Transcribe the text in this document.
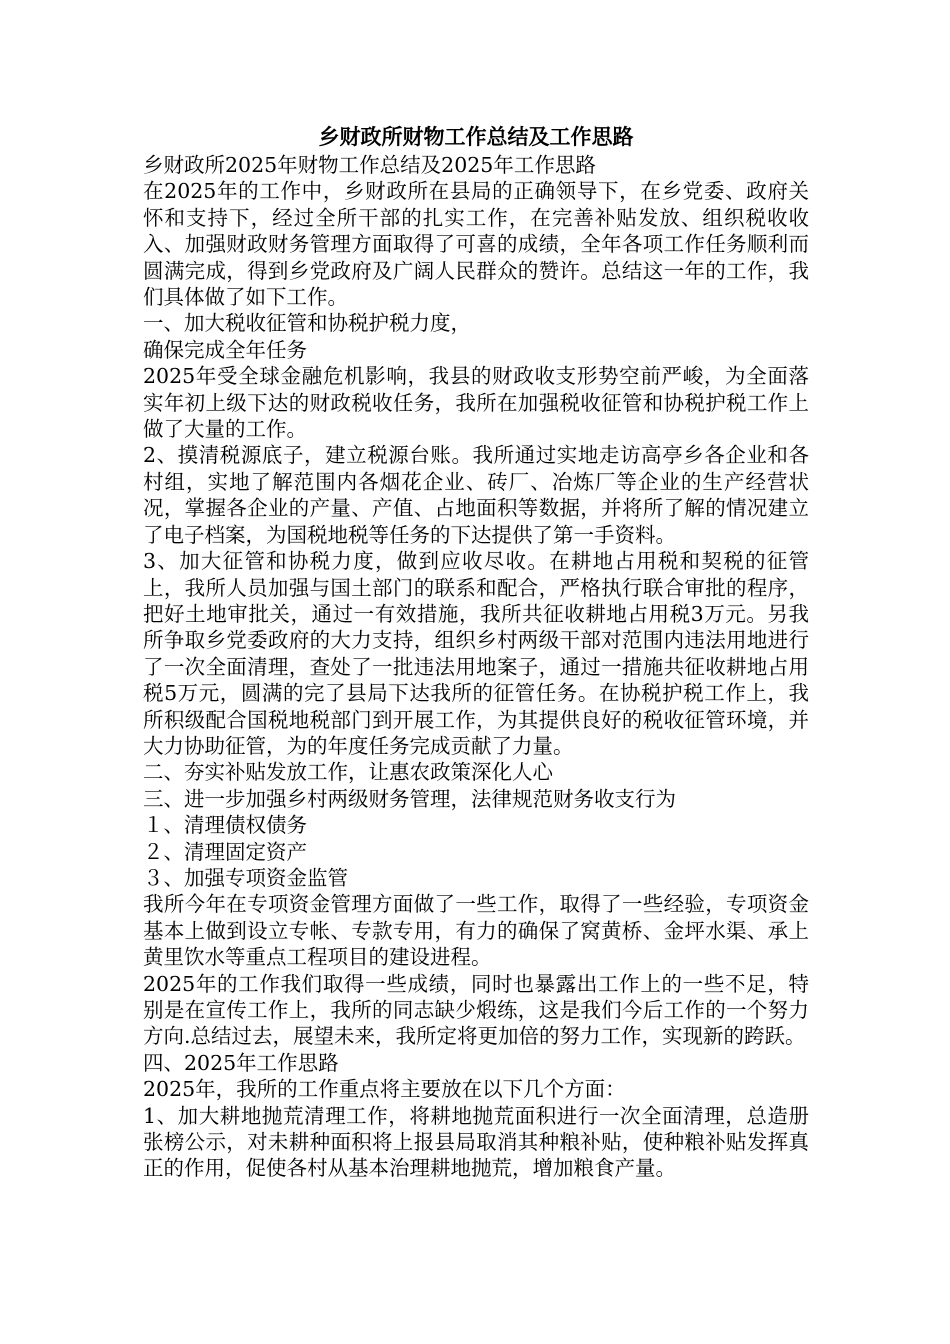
乡财政所财物工作总结及工作思路

乡财政所2025年财物工作总结及2025年工作思路

在2025年的工作中，乡财政所在县局的正确领导下，在乡党委、政府关怀和支持下，经过全所干部的扎实工作，在完善补贴发放、组织税收收入、加强财政财务管理方面取得了可喜的成绩，全年各项工作任务顺利而圆满完成，得到乡党政府及广阔人民群众的赞许。总结这一年的工作，我们具体做了如下工作。

一、加大税收征管和协税护税力度，

确保完成全年任务

2025年受全球金融危机影响，我县的财政收支形势空前严峻，为全面落实年初上级下达的财政税收任务，我所在加强税收征管和协税护税工作上做了大量的工作。

2、摸清税源底子，建立税源台账。我所通过实地走访高亭乡各企业和各村组，实地了解范围内各烟花企业、砖厂、冶炼厂等企业的生产经营状况，掌握各企业的产量、产值、占地面积等数据，并将所了解的情况建立了电子档案，为国税地税等任务的下达提供了第一手资料。

3、加大征管和协税力度，做到应收尽收。在耕地占用税和契税的征管上，我所人员加强与国土部门的联系和配合，严格执行联合审批的程序，把好土地审批关，通过一有效措施，我所共征收耕地占用税3万元。另我所争取乡党委政府的大力支持，组织乡村两级干部对范围内违法用地进行了一次全面清理，查处了一批违法用地案子，通过一措施共征收耕地占用税5万元，圆满的完了县局下达我所的征管任务。在协税护税工作上，我所积级配合国税地税部门到开展工作，为其提供良好的税收征管环境，并大力协助征管，为的年度任务完成贡献了力量。

二、夯实补贴发放工作，让惠农政策深化人心

三、进一步加强乡村两级财务管理，法律规范财务收支行为

１、清理债权债务

２、清理固定资产

３、加强专项资金监管

我所今年在专项资金管理方面做了一些工作，取得了一些经验，专项资金基本上做到设立专帐、专款专用，有力的确保了窝黄桥、金坪水渠、承上黄里饮水等重点工程项目的建设进程。

2025年的工作我们取得一些成绩，同时也暴露出工作上的一些不足，特别是在宣传工作上，我所的同志缺少煅练，这是我们今后工作的一个努力方向.总结过去，展望未来，我所定将更加倍的努力工作，实现新的跨跃。

四、2025年工作思路

2025年，我所的工作重点将主要放在以下几个方面：

1、加大耕地抛荒清理工作，将耕地抛荒面积进行一次全面清理，总造册张榜公示，对未耕种面积将上报县局取消其种粮补贴，使种粮补贴发挥真正的作用，促使各村从基本治理耕地抛荒，增加粮食产量。
